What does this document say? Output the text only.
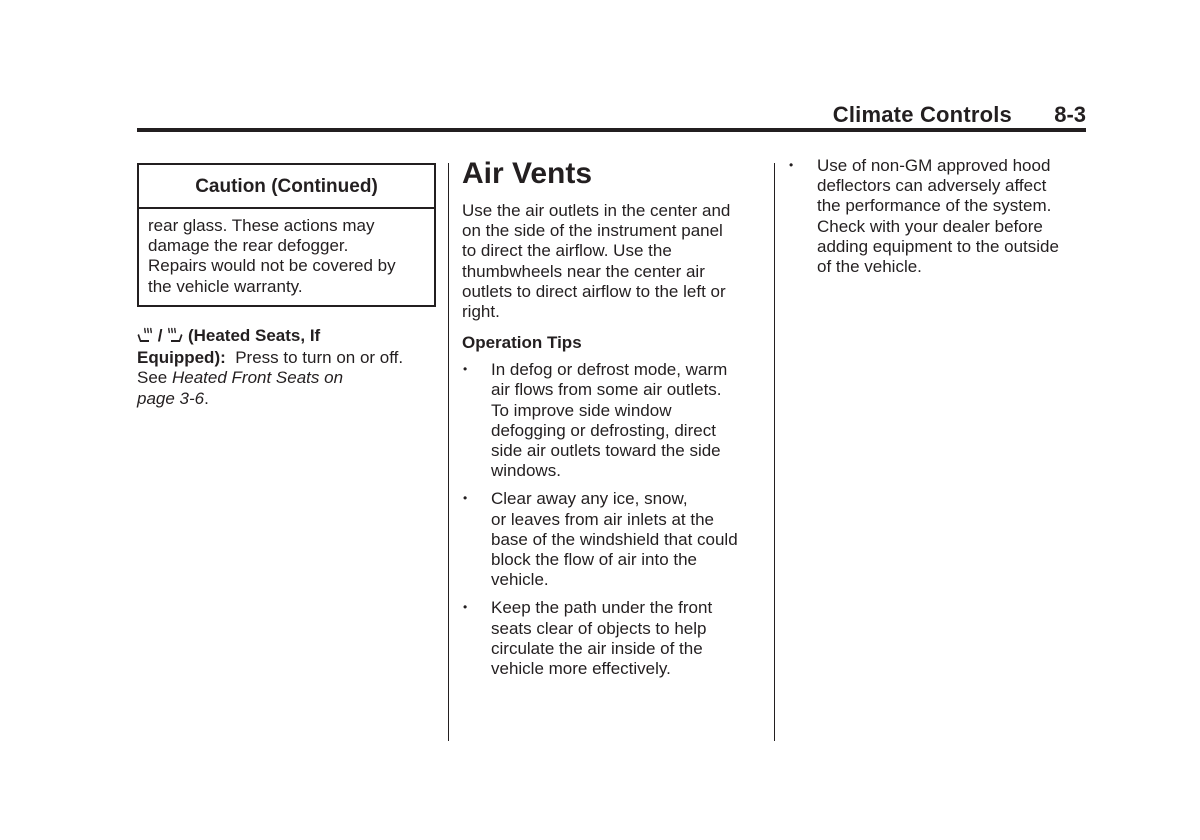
Climate Controls 8-3
Caution (Continued)
rear glass. These actions may
damage the rear defogger.
Repairs would not be covered by
the vehicle warranty.
/ (Heated Seats, If
Equipped): Press to turn on or off.
See Heated Front Seats on
page 3-6.
Air Vents
Use the air outlets in the center and
on the side of the instrument panel
to direct the airflow. Use the
thumbwheels near the center air
outlets to direct airflow to the left or
right.
Operation Tips
• In defog or defrost mode, warm
air flows from some air outlets.
To improve side window
defogging or defrosting, direct
side air outlets toward the side
windows.
• Clear away any ice, snow,
or leaves from air inlets at the
base of the windshield that could
block the flow of air into the
vehicle.
• Keep the path under the front
seats clear of objects to help
circulate the air inside of the
vehicle more effectively.
• Use of non-GM approved hood
deflectors can adversely affect
the performance of the system.
Check with your dealer before
adding equipment to the outside
of the vehicle.
